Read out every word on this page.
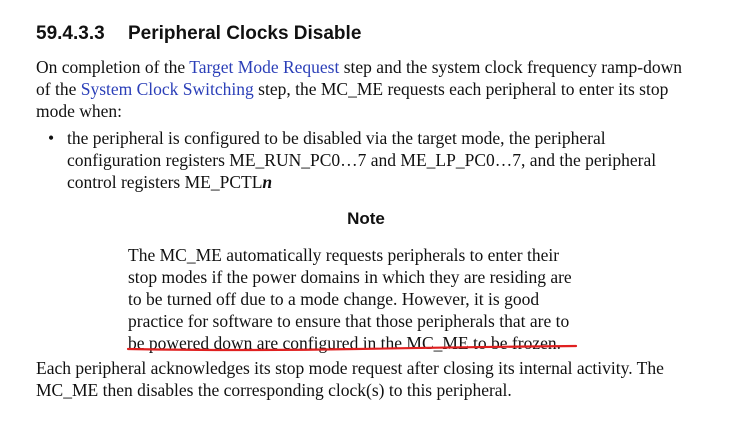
59.4.3.3 Peripheral Clocks Disable
On completion of the Target Mode Request step and the system clock frequency ramp-down of the System Clock Switching step, the MC_ME requests each peripheral to enter its stop mode when:
• the peripheral is configured to be disabled via the target mode, the peripheral configuration registers ME_RUN_PC0…7 and ME_LP_PC0…7, and the peripheral control registers ME_PCTLn
Note
The MC_ME automatically requests peripherals to enter their
stop modes if the power domains in which they are residing are
to be turned off due to a mode change. However, it is good
practice for software to ensure that those peripherals that are to
be powered down are configured in the MC_ME to be frozen.
Each peripheral acknowledges its stop mode request after closing its internal activity. The MC_ME then disables the corresponding clock(s) to this peripheral.
